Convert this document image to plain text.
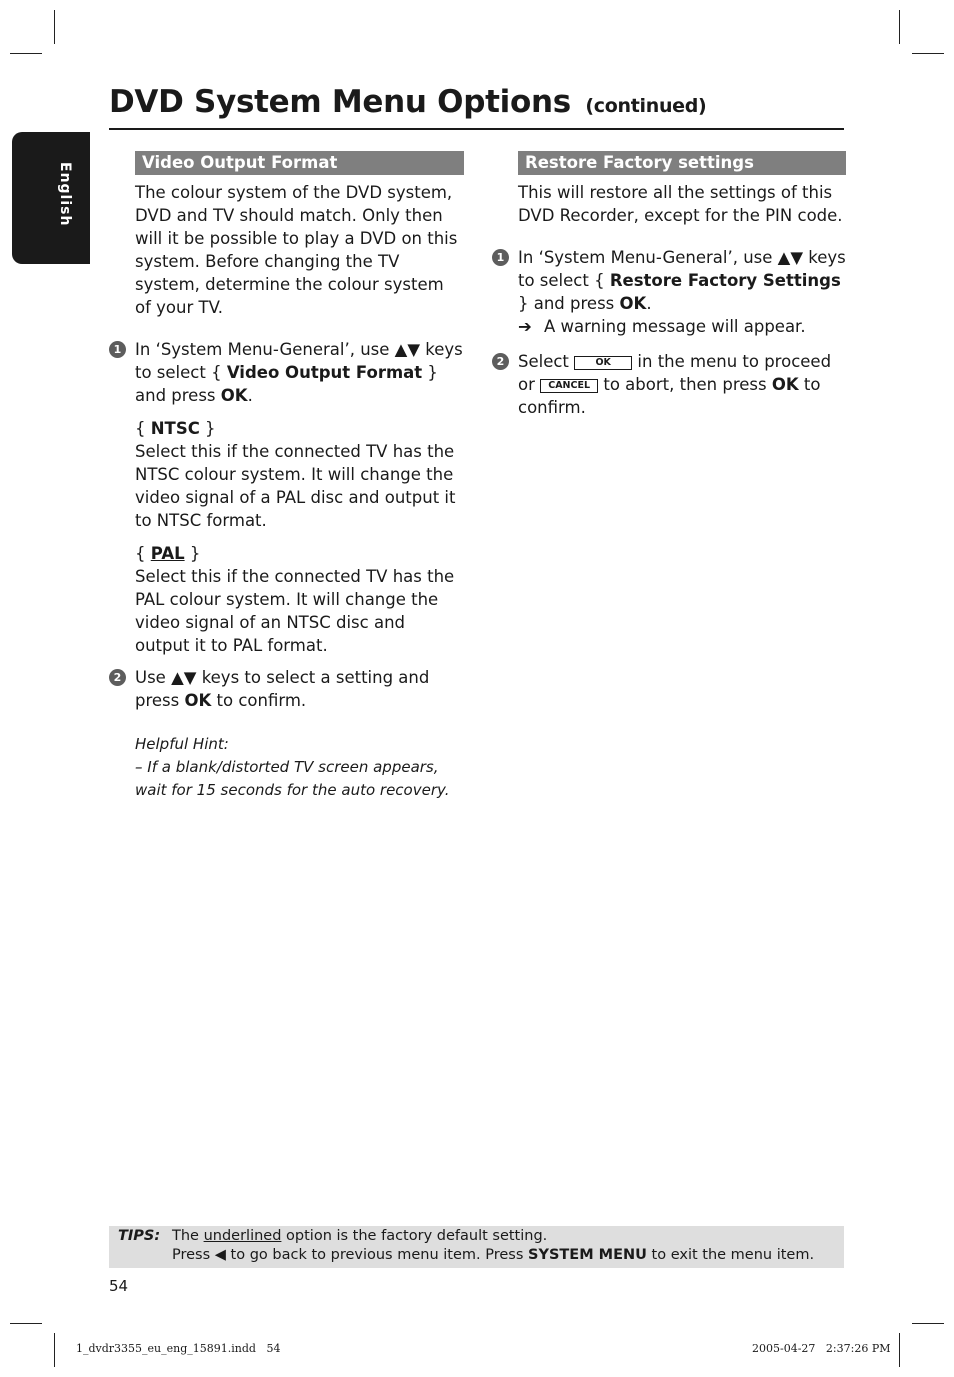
DVD System Menu Options (continued)
English	Video Output Format

The colour system of the DVD system, DVD and TV should match. Only then will it be possible to play a DVD on this system. Before changing the TV system, determine the colour system of your TV.

1 In ‘System Menu-General’, use ▲▼ keys to select { Video Output Format } and press OK.

{ NTSC }

Select this if the connected TV has the NTSC colour system. It will change the video signal of a PAL disc and output it to NTSC format.

{ PAL }

Select this if the connected TV has the PAL colour system. It will change the video signal of an NTSC disc and output it to PAL format.

2 Use ▲▼ keys to select a setting and press OK to confirm.

Helpful Hint:

– If a blank/distorted TV screen appears,

wait for 15 seconds for the auto recovery.

Restore Factory settings

This will restore all the settings of this DVD Recorder, except for the PIN code.

1 In ‘System Menu-General’, use ▲▼ keys to select { Restore Factory Settings } and press OK.

➔ A warning message will appear.

2 Select OK in the menu to proceed or CANCEL to abort, then press OK to confirm.

TIPS: The underlined option is the factory default setting.
Press ◀ to go back to previous menu item. Press SYSTEM MENU to exit the menu item.
54
1_dvdr3355_eu_eng_15891.indd   54	2005-04-27   2:37:26 PM
